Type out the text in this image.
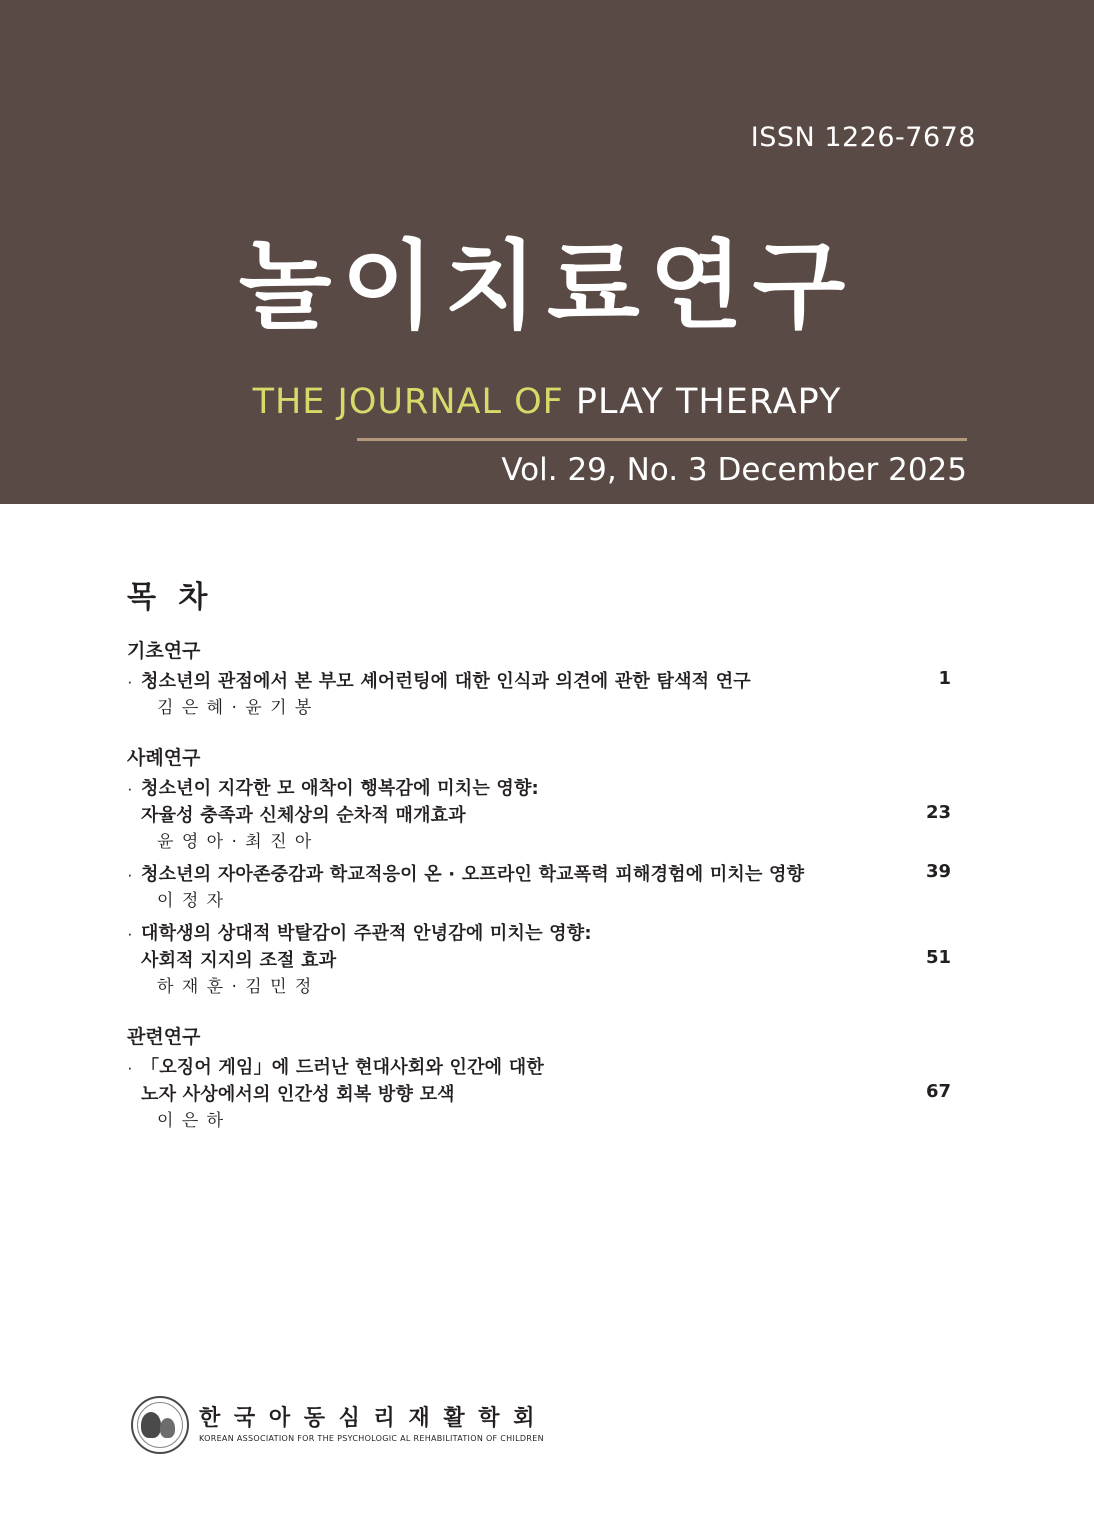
ISSN 1226-7678
놀이치료연구
THE JOURNAL OF PLAY THERAPY
Vol. 29, No. 3 December 2025
목 차
기초연구
· 청소년의 관점에서 본 부모 셰어런팅에 대한 인식과 의견에 관한 탐색적 연구
김 은 혜 · 윤 기 봉
1
사례연구
· 청소년이 지각한 모 애착이 행복감에 미치는 영향:
자율성 충족과 신체상의 순차적 매개효과
윤 영 아 · 최 진 아
23
· 청소년의 자아존중감과 학교적응이 온 · 오프라인 학교폭력 피해경험에 미치는 영향
이 정 자
39
· 대학생의 상대적 박탈감이 주관적 안녕감에 미치는 영향:
사회적 지지의 조절 효과
하 재 훈 · 김 민 정
51
관련연구
· 「오징어 게임」에 드러난 현대사회와 인간에 대한
노자 사상에서의 인간성 회복 방향 모색
이 은 하
67
한 국 아 동 심 리 재 활 학 회
KOREAN ASSOCIATION FOR THE PSYCHOLOGIC AL REHABILITATION OF CHILDREN
